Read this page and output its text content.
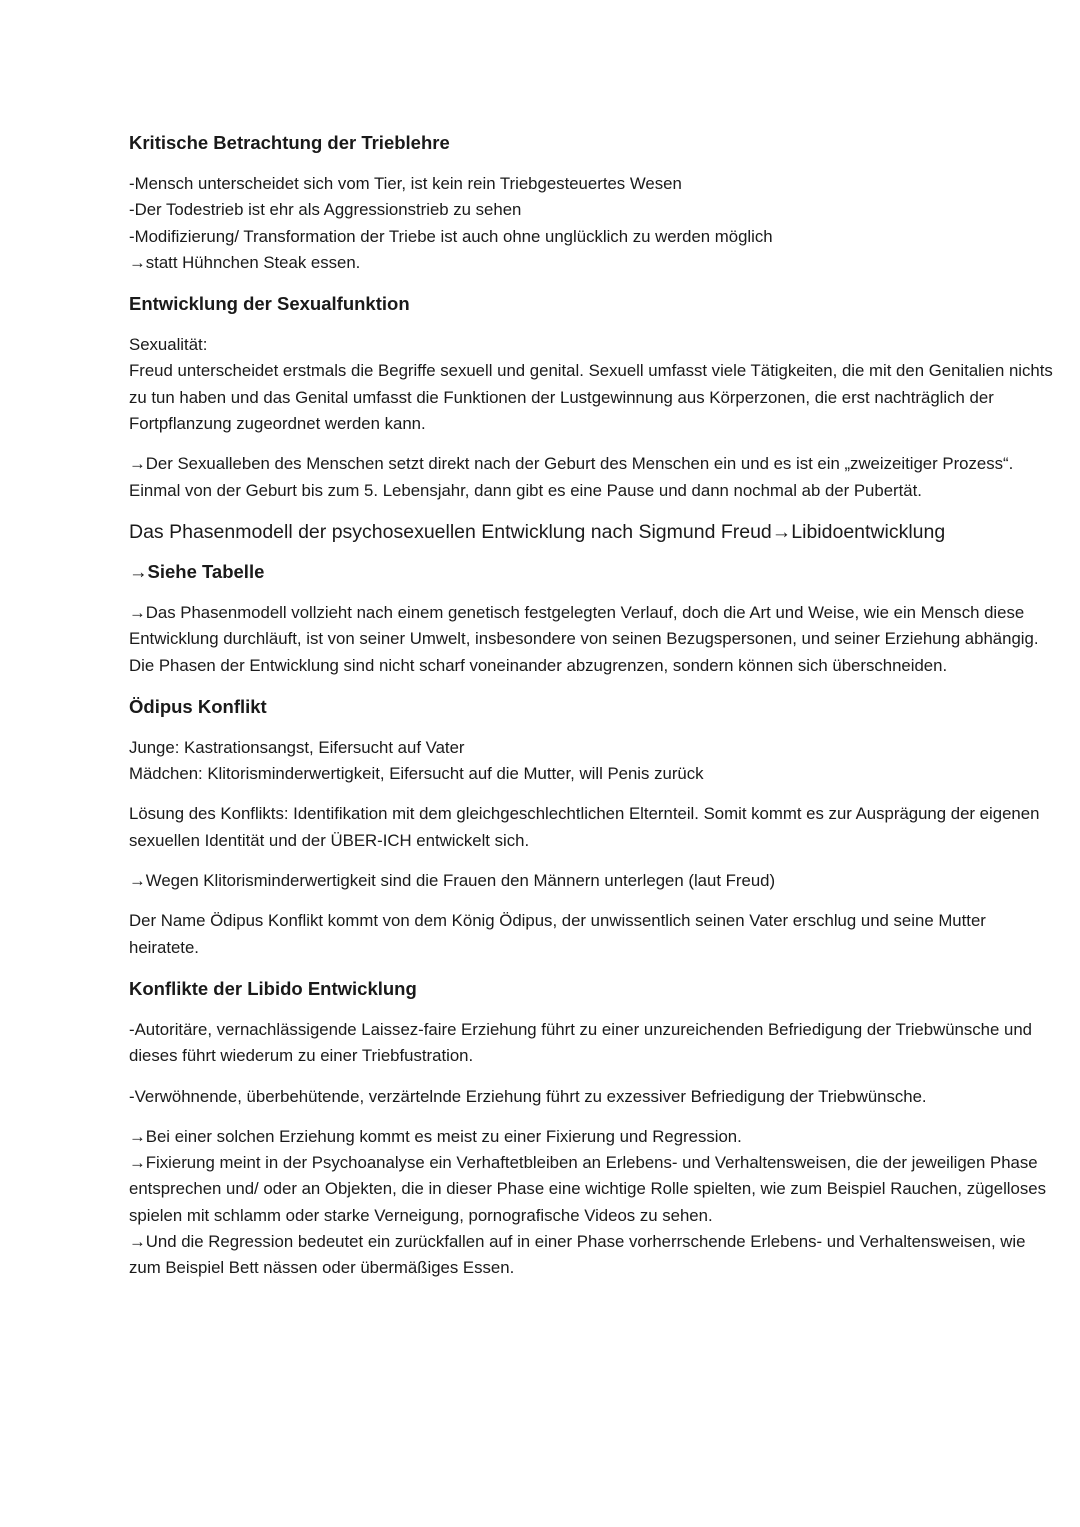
Kritische Betrachtung der Trieblehre

-Mensch unterscheidet sich vom Tier, ist kein rein Triebgesteuertes Wesen

-Der Todestrieb ist ehr als Aggressionstrieb zu sehen

-Modifizierung/ Transformation der Triebe ist auch ohne unglücklich zu werden möglich

→statt Hühnchen Steak essen.

Entwicklung der Sexualfunktion

Sexualität:

Freud unterscheidet erstmals die Begriffe sexuell und genital. Sexuell umfasst viele Tätigkeiten, die mit den Genitalien nichts zu tun haben und das Genital umfasst die Funktionen der Lustgewinnung aus Körperzonen, die erst nachträglich der Fortpflanzung zugeordnet werden kann.

→Der Sexualleben des Menschen setzt direkt nach der Geburt des Menschen ein und es ist ein „zweizeitiger Prozess“. Einmal von der Geburt bis zum 5. Lebensjahr, dann gibt es eine Pause und dann nochmal ab der Pubertät.

Das Phasenmodell der psychosexuellen Entwicklung nach Sigmund Freud→Libidoentwicklung
→Siehe Tabelle

→Das Phasenmodell vollzieht nach einem genetisch festgelegten Verlauf, doch die Art und Weise, wie ein Mensch diese Entwicklung durchläuft, ist von seiner Umwelt, insbesondere von seinen Bezugspersonen, und seiner Erziehung abhängig. Die Phasen der Entwicklung sind nicht scharf voneinander abzugrenzen, sondern können sich überschneiden.

Ödipus Konflikt

Junge: Kastrationsangst, Eifersucht auf Vater

Mädchen: Klitorisminderwertigkeit, Eifersucht auf die Mutter, will Penis zurück

Lösung des Konflikts: Identifikation mit dem gleichgeschlechtlichen Elternteil. Somit kommt es zur Ausprägung der eigenen sexuellen Identität und der ÜBER-ICH entwickelt sich.

→Wegen Klitorisminderwertigkeit sind die Frauen den Männern unterlegen (laut Freud)

Der Name Ödipus Konflikt kommt von dem König Ödipus, der unwissentlich seinen Vater erschlug und seine Mutter heiratete.

Konflikte der Libido Entwicklung

-Autoritäre, vernachlässigende Laissez-faire Erziehung führt zu einer unzureichenden Befriedigung der Triebwünsche und dieses führt wiederum zu einer Triebfustration.

-Verwöhnende, überbehütende, verzärtelnde Erziehung führt zu exzessiver Befriedigung der Triebwünsche.

→Bei einer solchen Erziehung kommt es meist zu einer Fixierung und Regression.

→Fixierung meint in der Psychoanalyse ein Verhaftetbleiben an Erlebens- und Verhaltensweisen, die der jeweiligen Phase entsprechen und/ oder an Objekten, die in dieser Phase eine wichtige Rolle spielten, wie zum Beispiel Rauchen, zügelloses spielen mit schlamm oder starke Verneigung, pornografische Videos zu sehen.

→Und die Regression bedeutet ein zurückfallen auf in einer Phase vorherrschende Erlebens- und Verhaltensweisen, wie zum Beispiel Bett nässen oder übermäßiges Essen.
